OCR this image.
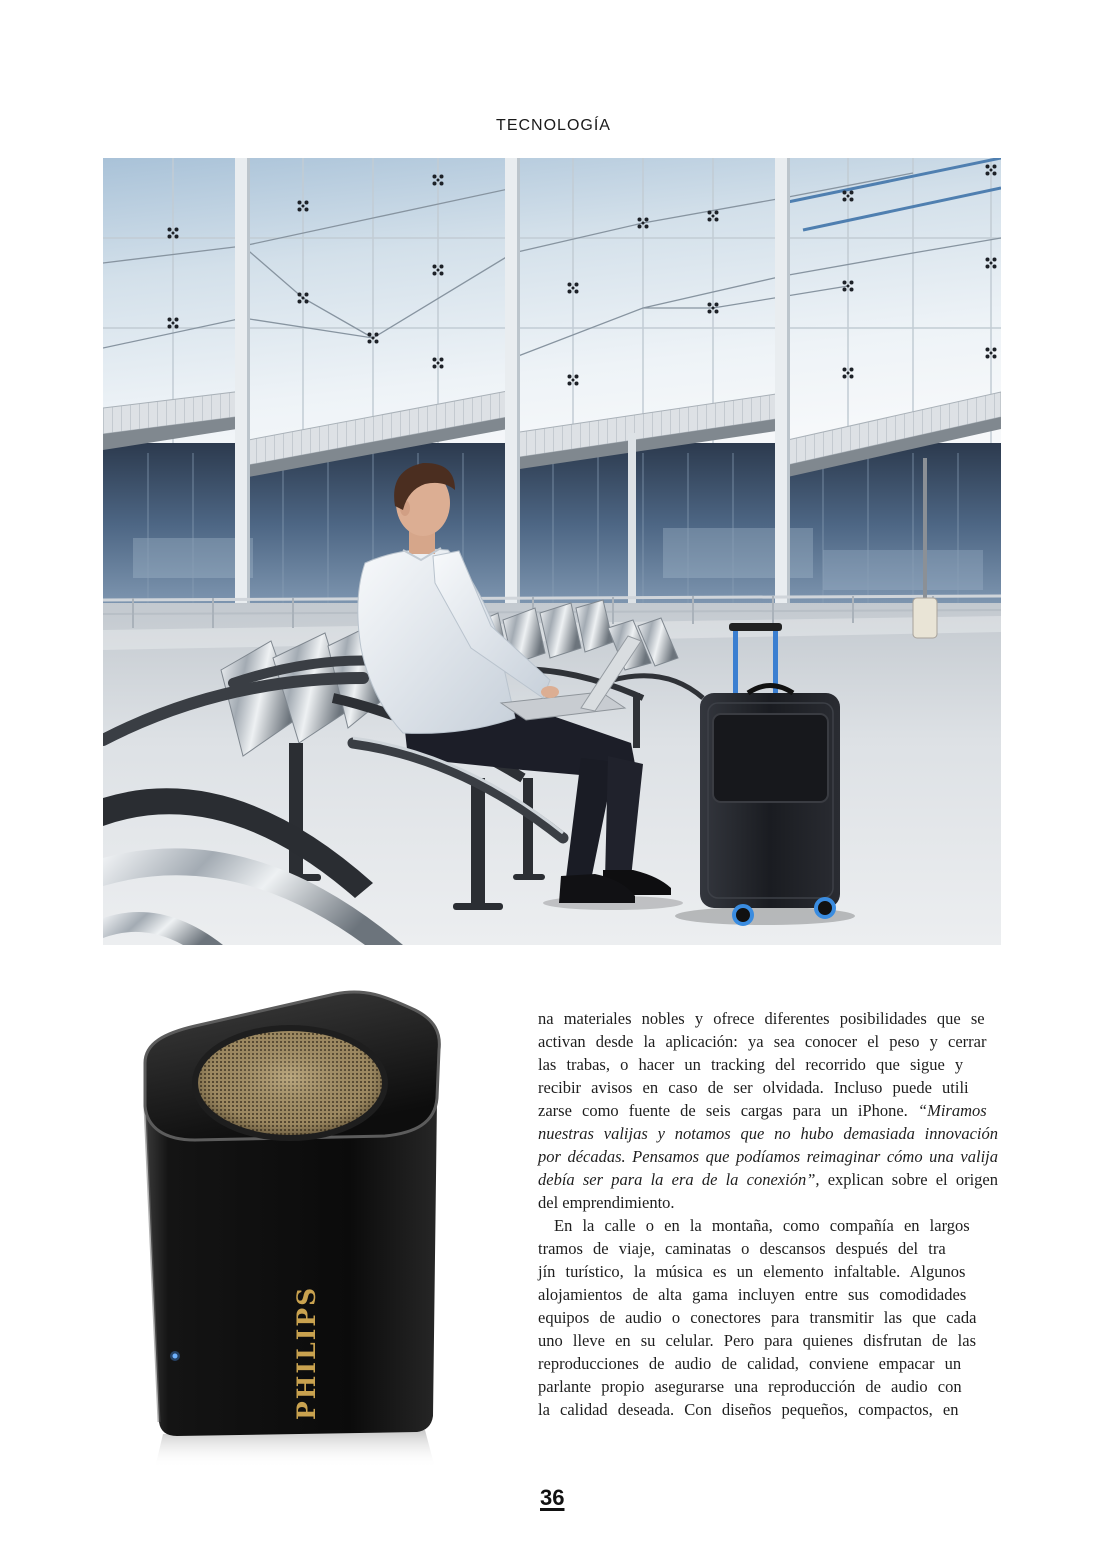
TECNOLOGÍA
PHILIPS
na materiales nobles y ofrece diferentes posibilidades que se
activan desde la aplicación: ya sea conocer el peso y cerrar
las trabas, o hacer un tracking del recorrido que sigue y
recibir avisos en caso de ser olvidada. Incluso puede utili
zarse como fuente de seis cargas para un iPhone. “Miramos
nuestras valijas y notamos que no hubo demasiada innovación
por décadas. Pensamos que podíamos reimaginar cómo una valija
debía ser para la era de la conexión”, explican sobre el origen
del emprendimiento.
En la calle o en la montaña, como compañía en largos
tramos de viaje, caminatas o descansos después del tra
jín turístico, la música es un elemento infaltable. Algunos
alojamientos de alta gama incluyen entre sus comodidades
equipos de audio o conectores para transmitir las que cada
uno lleve en su celular. Pero para quienes disfrutan de las
reproducciones de audio de calidad, conviene empacar un
parlante propio asegurarse una reproducción de audio con
la calidad deseada. Con diseños pequeños, compactos, en
36
